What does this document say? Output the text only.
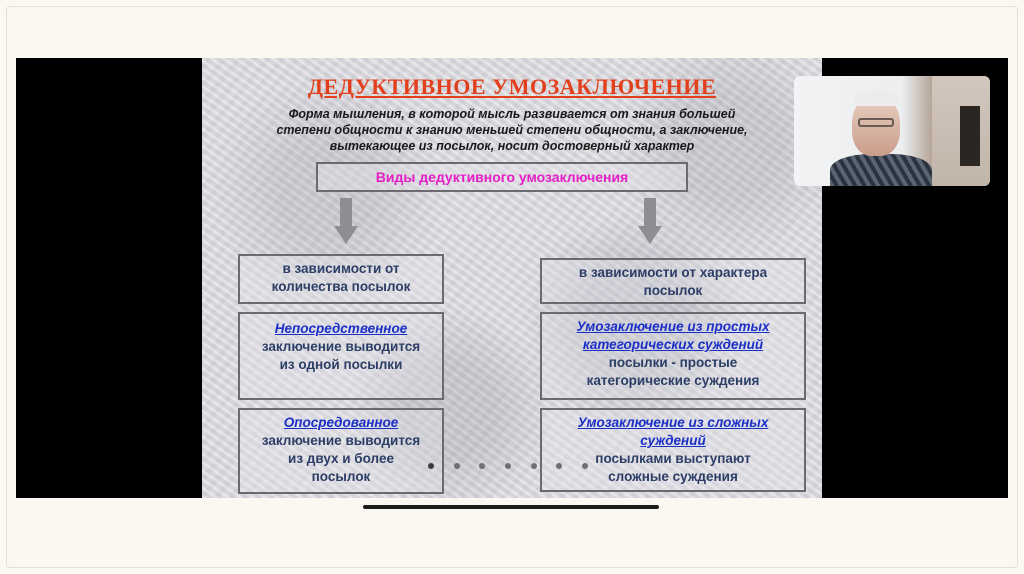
ДЕДУКТИВНОЕ УМОЗАКЛЮЧЕНИЕ
Форма мышления, в которой мысль развивается от знания большей
степени общности к знанию меньшей степени общности, а заключение,
вытекающее из посылок, носит достоверный характер
Виды дедуктивного умозаключения
в зависимости от
количества посылок
Непосредственное
заключение выводится
из одной посылки
Опосредованное
заключение выводится
из двух и более
посылок
в зависимости от характера
посылок
Умозаключение из простых
категорических суждений
посылки - простые
категорические суждения
Умозаключение из сложных
суждений
посылками выступают
сложные суждения
